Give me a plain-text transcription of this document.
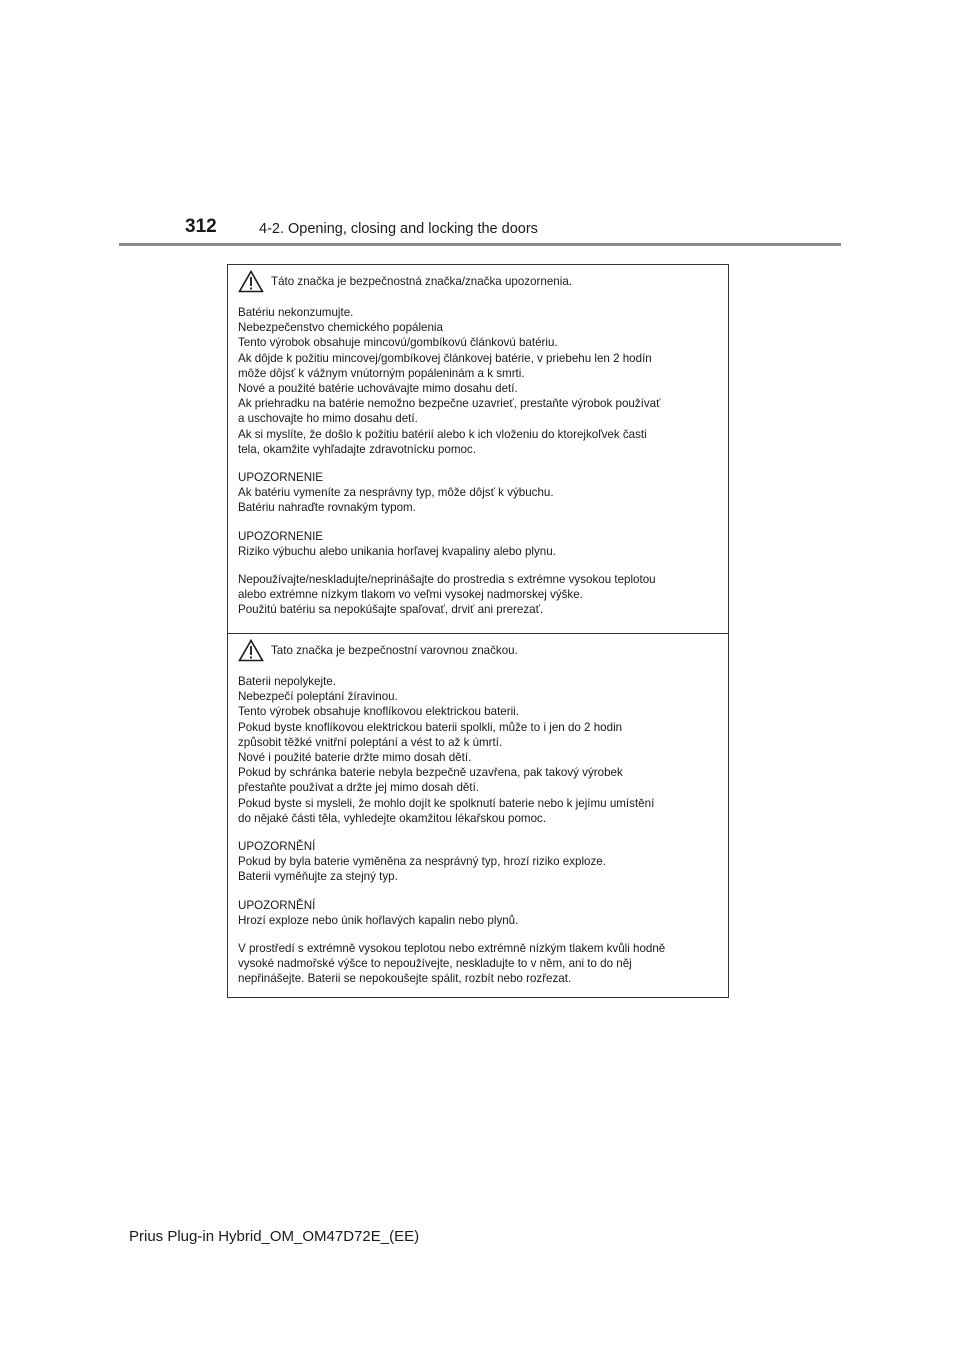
312	4-2. Opening, closing and locking the doors
Táto značka je bezpečnostná značka/značka upozornenia.

Batériu nekonzumujte.
Nebezpečenstvo chemického popálenia
Tento výrobok obsahuje mincovú/gombíkovú článkovú batériu.
Ak dôjde k požitiu mincovej/gombíkovej článkovej batérie, v priebehu len 2 hodín
môže dôjsť k vážnym vnútorným popáleninám a k smrti.
Nové a použité batérie uchovávajte mimo dosahu detí.
Ak priehradku na batérie nemožno bezpečne uzavrieť, prestaňte výrobok používať
a uschovajte ho mimo dosahu detí.
Ak si myslíte, že došlo k požitiu batérií alebo k ich vloženiu do ktorejkoľvek časti
tela, okamžite vyhľadajte zdravotnícku pomoc.

UPOZORNENIE
Ak batériu vymeníte za nesprávny typ, môže dôjsť k výbuchu.
Batériu nahraďte rovnakým typom.

UPOZORNENIE
Riziko výbuchu alebo unikania horľavej kvapaliny alebo plynu.

Nepoužívajte/neskladujte/neprinášajte do prostredia s extrémne vysokou teplotou
alebo extrémne nízkym tlakom vo veľmi vysokej nadmorskej výške.
Použitú batériu sa nepokúšajte spaľovať, drviť ani prerezať.

Tato značka je bezpečnostní varovnou značkou.

Baterii nepolykejte.
Nebezpečí poleptání žíravinou.
Tento výrobek obsahuje knoflíkovou elektrickou baterii.
Pokud byste knoflíkovou elektrickou baterii spolkli, může to i jen do 2 hodin
způsobit těžké vnitřní poleptání a vést to až k úmrtí.
Nové i použité baterie držte mimo dosah dětí.
Pokud by schránka baterie nebyla bezpečně uzavřena, pak takový výrobek
přestaňte používat a držte jej mimo dosah dětí.
Pokud byste si mysleli, že mohlo dojít ke spolknutí baterie nebo k jejímu umístění
do nějaké části těla, vyhledejte okamžitou lékařskou pomoc.

UPOZORNĚNÍ
Pokud by byla baterie vyměněna za nesprávný typ, hrozí riziko exploze.
Baterii vyměňujte za stejný typ.

UPOZORNĚNÍ
Hrozí exploze nebo únik hořlavých kapalin nebo plynů.

V prostředí s extrémně vysokou teplotou nebo extrémně nízkým tlakem kvůli hodně
vysoké nadmořské výšce to nepoužívejte, neskladujte to v něm, ani to do něj
nepřinášejte. Baterii se nepokoušejte spálit, rozbít nebo rozřezat.

Prius Plug-in Hybrid_OM_OM47D72E_(EE)
